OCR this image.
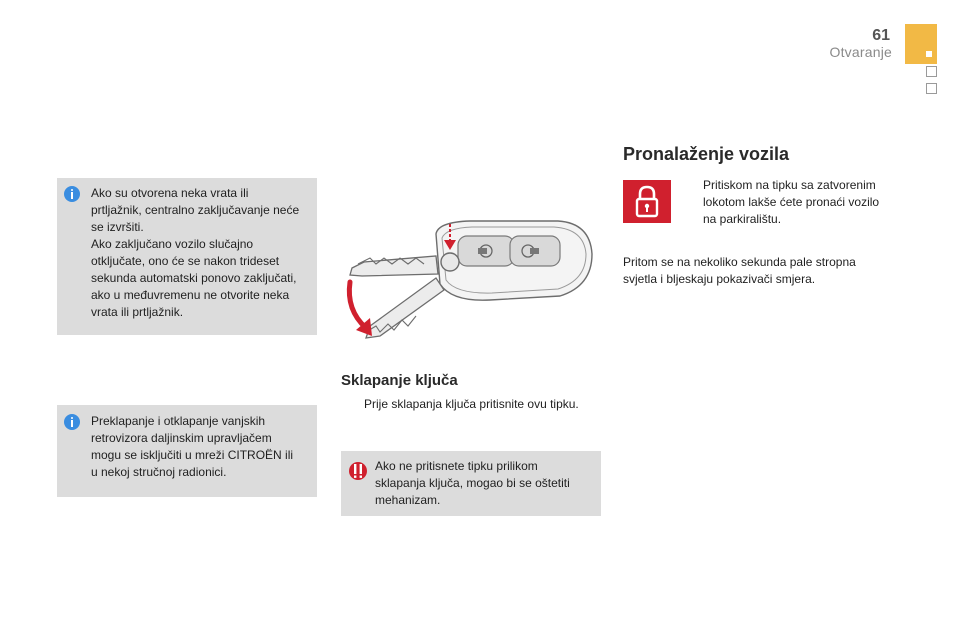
61
Otvaranje
Ako su otvorena neka vrata ili
prtljažnik, centralno zaključavanje neće
se izvršiti.
Ako zaključano vozilo slučajno
otključate, ono će se nakon trideset
sekunda automatski ponovo zaključati,
ako u međuvremenu ne otvorite neka
vrata ili prtljažnik.
Preklapanje i otklapanje vanjskih
retrovizora daljinskim upravljačem
mogu se isključiti u mreži CITROËN ili
u nekoj stručnoj radionici.
Sklapanje ključa
Prije sklapanja ključa pritisnite ovu tipku.
Ako ne pritisnete tipku prilikom
sklapanja ključa, mogao bi se oštetiti
mehanizam.
Pronalaženje vozila
Pritiskom na tipku sa zatvorenim
lokotom lakše ćete pronaći vozilo
na parkiralištu.
Pritom se na nekoliko sekunda pale stropna
svjetla i bljeskaju pokazivači smjera.
